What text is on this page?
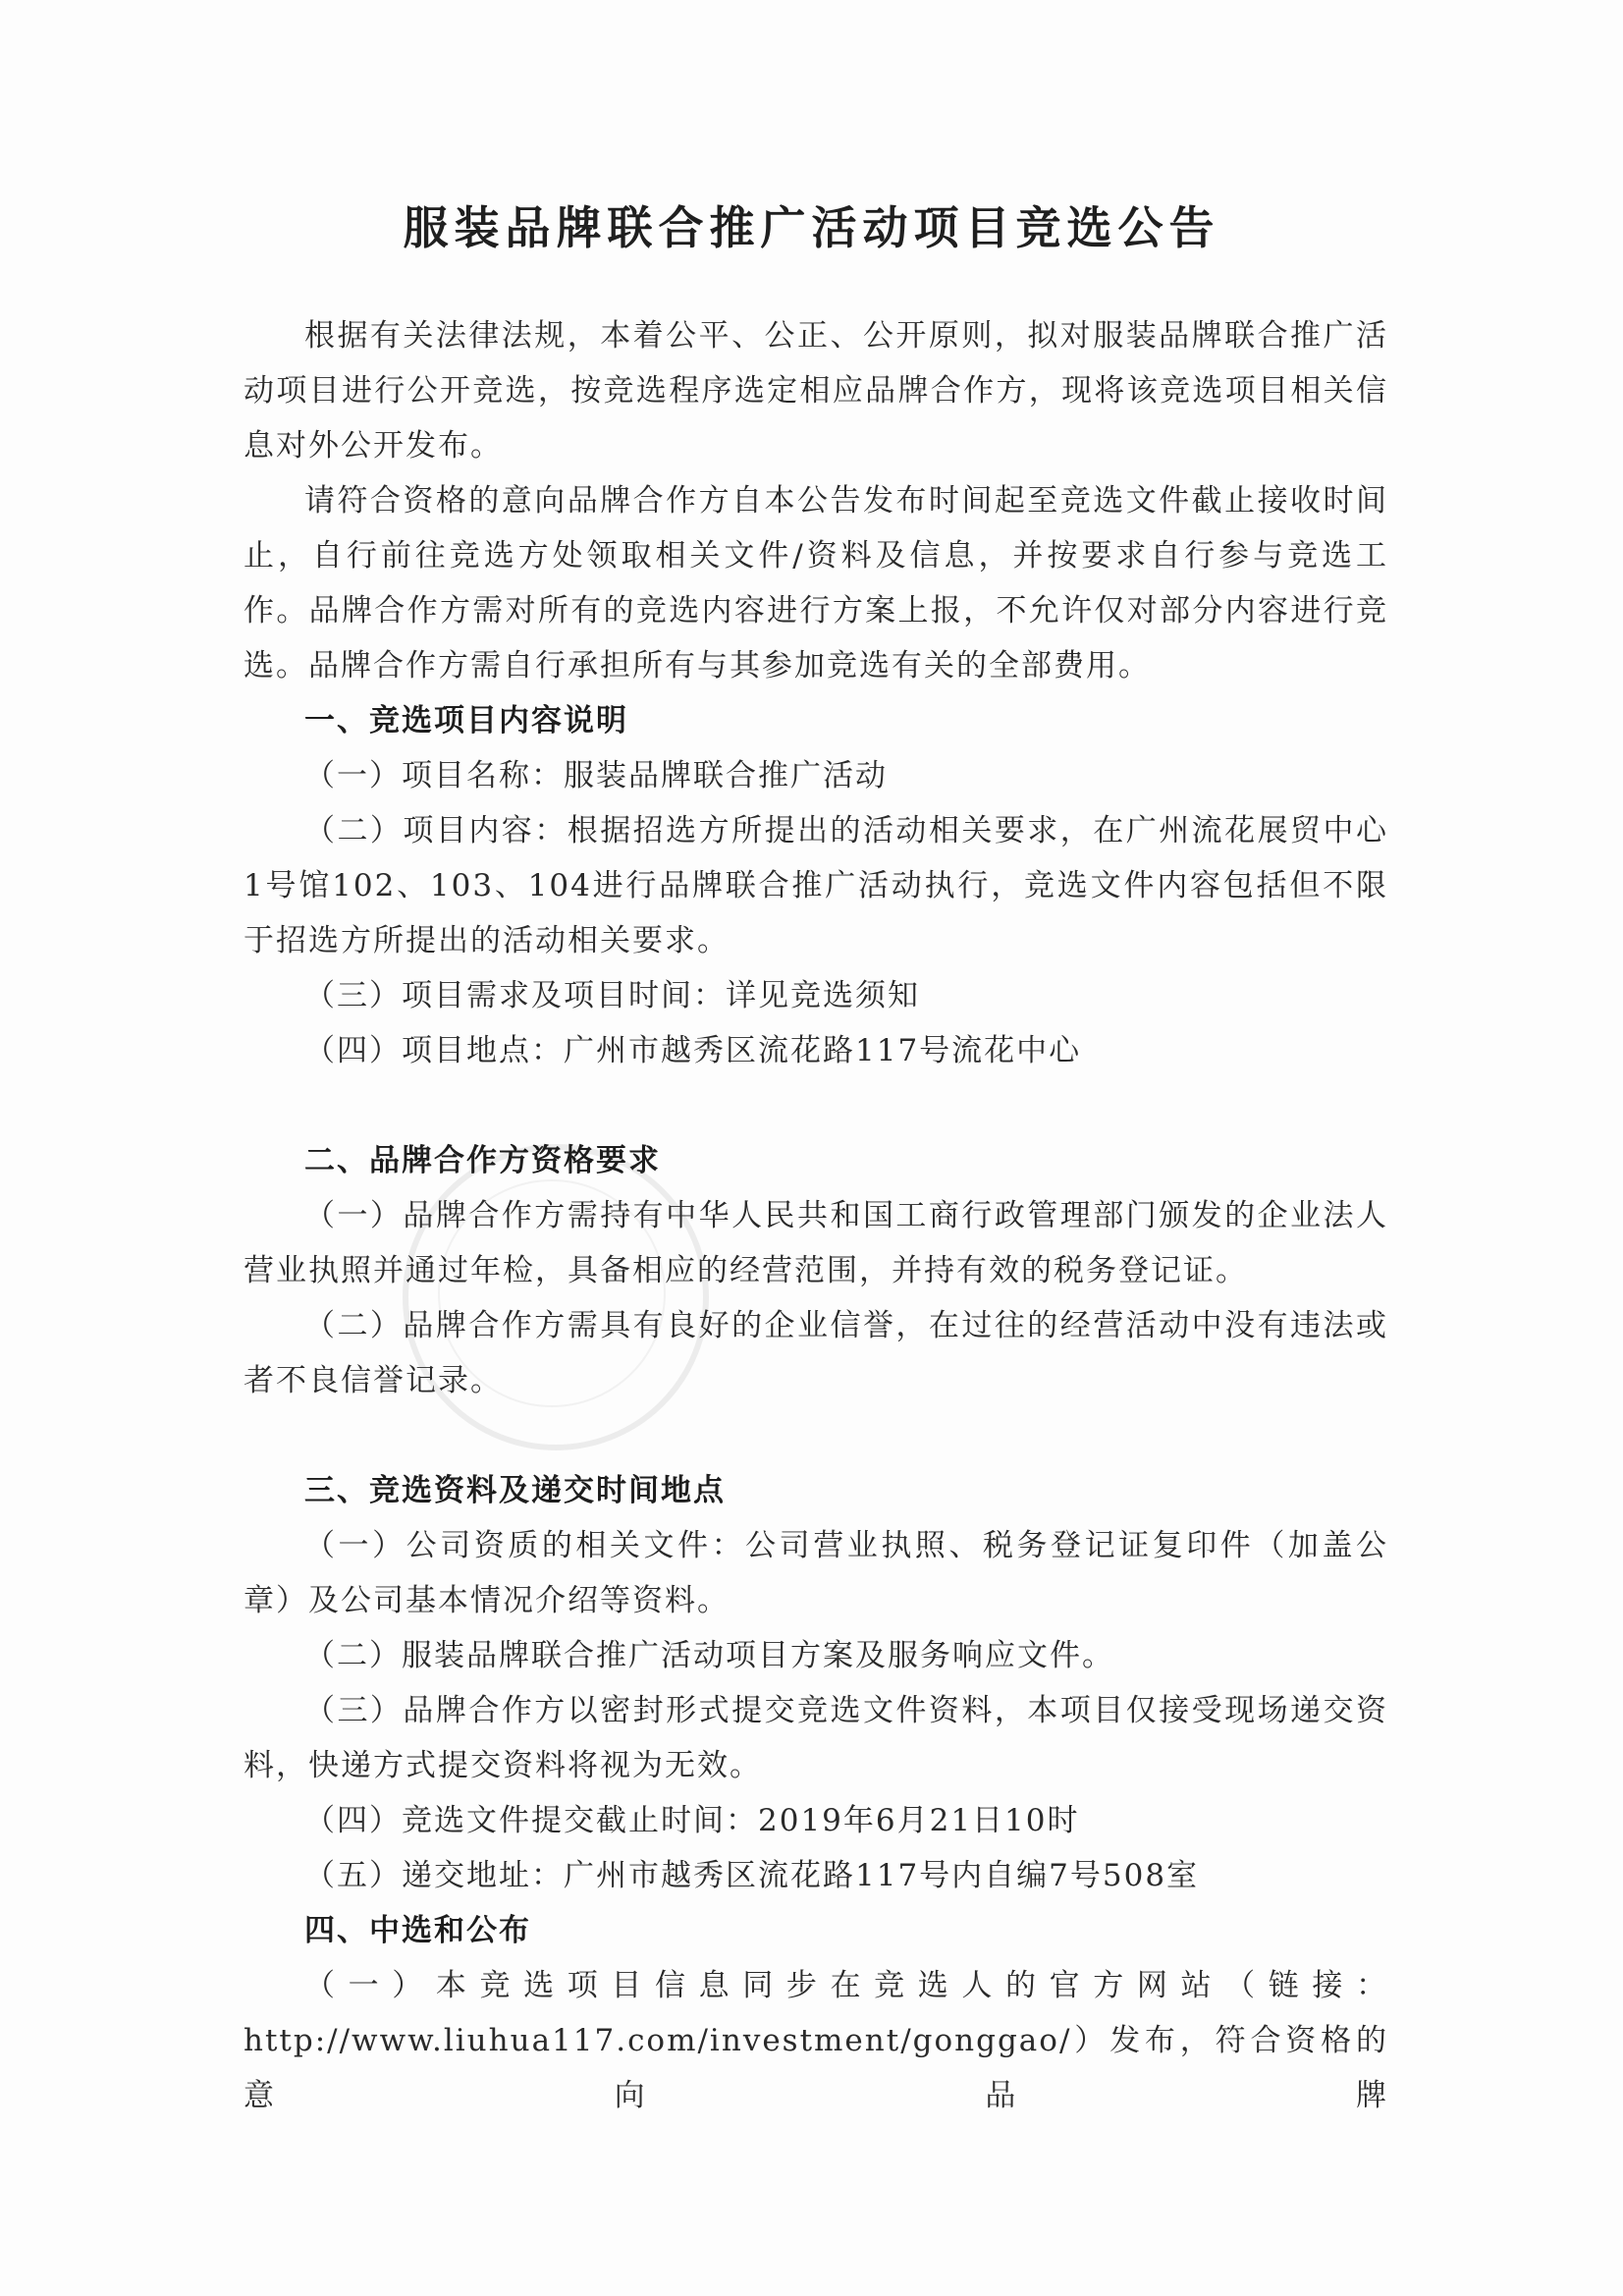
服装品牌联合推广活动项目竞选公告

根据有关法律法规，本着公平、公正、公开原则，拟对服装品牌联合推广活动项目进行公开竞选，按竞选程序选定相应品牌合作方，现将该竞选项目相关信息对外公开发布。

请符合资格的意向品牌合作方自本公告发布时间起至竞选文件截止接收时间止，自行前往竞选方处领取相关文件/资料及信息，并按要求自行参与竞选工作。品牌合作方需对所有的竞选内容进行方案上报，不允许仅对部分内容进行竞选。品牌合作方需自行承担所有与其参加竞选有关的全部费用。

一、竞选项目内容说明

（一）项目名称：服装品牌联合推广活动

（二）项目内容：根据招选方所提出的活动相关要求，在广州流花展贸中心1号馆102、103、104进行品牌联合推广活动执行，竞选文件内容包括但不限于招选方所提出的活动相关要求。

（三）项目需求及项目时间：详见竞选须知

（四）项目地点：广州市越秀区流花路117号流花中心

二、品牌合作方资格要求

（一）品牌合作方需持有中华人民共和国工商行政管理部门颁发的企业法人营业执照并通过年检，具备相应的经营范围，并持有效的税务登记证。

（二）品牌合作方需具有良好的企业信誉，在过往的经营活动中没有违法或者不良信誉记录。

三、竞选资料及递交时间地点

（一）公司资质的相关文件：公司营业执照、税务登记证复印件（加盖公章）及公司基本情况介绍等资料。

（二）服装品牌联合推广活动项目方案及服务响应文件。

（三）品牌合作方以密封形式提交竞选文件资料，本项目仅接受现场递交资料，快递方式提交资料将视为无效。

（四）竞选文件提交截止时间：2019年6月21日10时

（五）递交地址：广州市越秀区流花路117号内自编7号508室

四、中选和公布

（一）本竞选项目信息同步在竞选人的官方网站（链接：

http://www.liuhua117.com/investment/gonggao/）发布，符合资格的意向品牌
